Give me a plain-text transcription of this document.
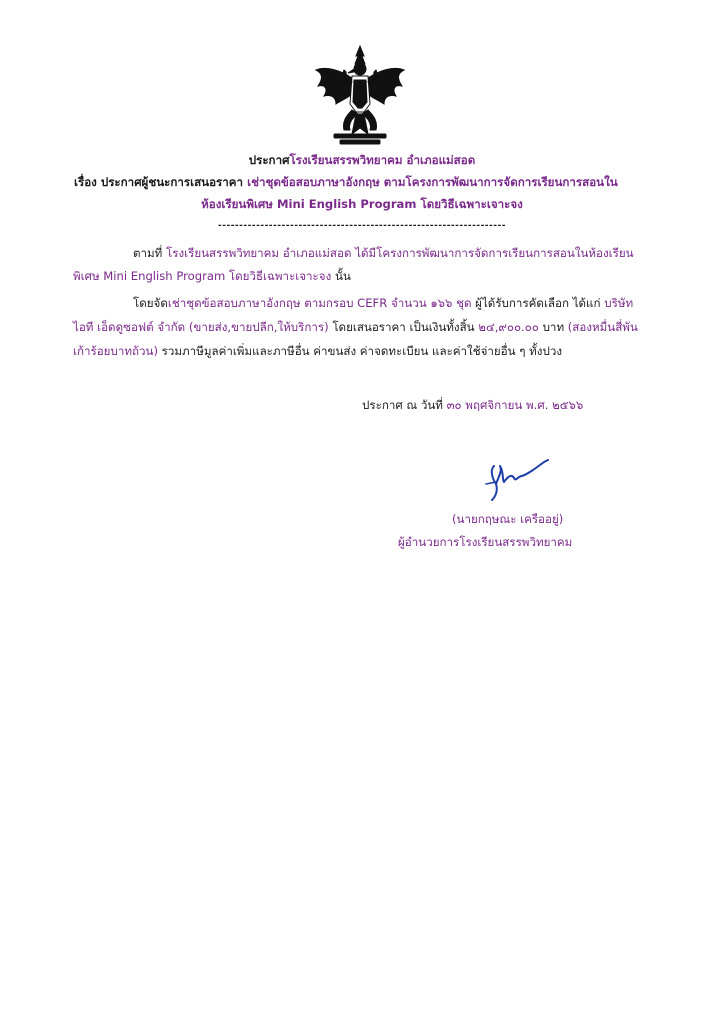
ประกาศโรงเรียนสรรพวิทยาคม อำเภอแม่สอด
เรื่อง ประกาศผู้ชนะการเสนอราคา เช่าชุดข้อสอบภาษาอังกฤษ ตามโครงการพัฒนาการจัดการเรียนการสอนใน
ห้องเรียนพิเศษ Mini English Program โดยวิธีเฉพาะเจาะจง
--------------------------------------------------------------------
ตามที่ โรงเรียนสรรพวิทยาคม อำเภอแม่สอด ได้มีโครงการพัฒนาการจัดการเรียนการสอนในห้องเรียน
พิเศษ Mini English Program โดยวิธีเฉพาะเจาะจง นั้น
โดยจัดเช่าชุดข้อสอบภาษาอังกฤษ ตามกรอบ CEFR จำนวน ๑๖๖ ชุด ผู้ได้รับการคัดเลือก ได้แก่ บริษัท
ไอที เอ็ดดูซอฟต์ จำกัด (ขายส่ง,ขายปลีก,ให้บริการ) โดยเสนอราคา เป็นเงินทั้งสิ้น ๒๔,๙๐๐.๐๐ บาท (สองหมื่นสี่พัน
เก้าร้อยบาทถ้วน) รวมภาษีมูลค่าเพิ่มและภาษีอื่น ค่าขนส่ง ค่าจดทะเบียน และค่าใช้จ่ายอื่น ๆ ทั้งปวง
ประกาศ ณ วันที่ ๓๐ พฤศจิกายน พ.ศ. ๒๕๖๖
(นายกฤษณะ เครืออยู่)
ผู้อำนวยการโรงเรียนสรรพวิทยาคม
